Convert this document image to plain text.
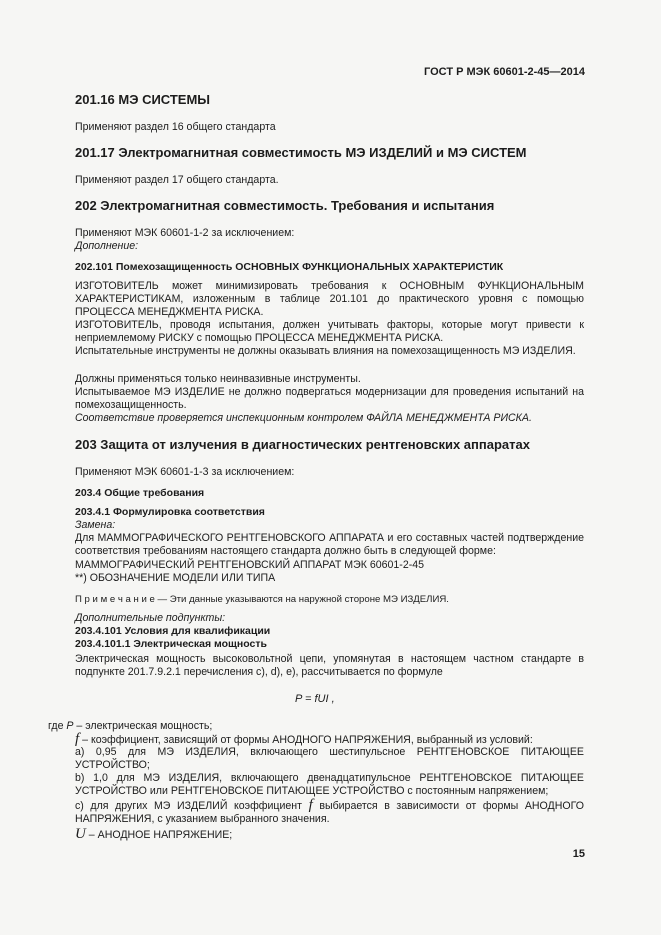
ГОСТ Р МЭК 60601-2-45—2014
201.16 МЭ СИСТЕМЫ
Применяют раздел 16 общего стандарта
201.17 Электромагнитная совместимость МЭ ИЗДЕЛИЙ и МЭ СИСТЕМ
Применяют раздел 17 общего стандарта.
202 Электромагнитная совместимость. Требования и испытания
Применяют МЭК 60601-1-2 за исключением:
Дополнение:
202.101 Помехозащищенность ОСНОВНЫХ ФУНКЦИОНАЛЬНЫХ ХАРАКТЕРИСТИК
ИЗГОТОВИТЕЛЬ может минимизировать требования к ОСНОВНЫМ ФУНКЦИОНАЛЬНЫМ ХАРАКТЕРИСТИКАМ, изложенным в таблице 201.101 до практического уровня с помощью ПРОЦЕССА МЕНЕДЖМЕНТА РИСКА.
ИЗГОТОВИТЕЛЬ, проводя испытания, должен учитывать факторы, которые могут привести к неприемлемому РИСКУ с помощью ПРОЦЕССА МЕНЕДЖМЕНТА РИСКА.
Испытательные инструменты не должны оказывать влияния на помехозащищенность МЭ ИЗДЕЛИЯ.
Должны применяться только неинвазивные инструменты.
Испытываемое МЭ ИЗДЕЛИЕ не должно подвергаться модернизации для проведения испытаний на помехозащищенность.
Соответствие проверяется инспекционным контролем ФАЙЛА МЕНЕДЖМЕНТА РИСКА.
203 Защита от излучения в диагностических рентгеновских аппаратах
Применяют МЭК 60601-1-3 за исключением:
203.4 Общие требования
203.4.1 Формулировка соответствия
Замена:
Для МАММОГРАФИЧЕСКОГО РЕНТГЕНОВСКОГО АППАРАТА и его составных частей подтверждение соответствия требованиям настоящего стандарта должно быть в следующей форме:
МАММОГРАФИЧЕСКИЙ РЕНТГЕНОВСКИЙ АППАРАТ МЭК 60601-2-45
**) ОБОЗНАЧЕНИЕ МОДЕЛИ ИЛИ ТИПА
П р и м е ч а н и е — Эти данные указываются на наружной стороне МЭ ИЗДЕЛИЯ.
Дополнительные подпункты:
203.4.101 Условия для квалификации
203.4.101.1 Электрическая мощность
Электрическая мощность высоковольтной цепи, упомянутая в настоящем частном стандарте в подпункте 201.7.9.2.1 перечисления c), d), e), рассчитывается по формуле
P = fUI ,
где P – электрическая мощность;
f – коэффициент, зависящий от формы АНОДНОГО НАПРЯЖЕНИЯ, выбранный из условий:
a) 0,95 для МЭ ИЗДЕЛИЯ, включающего шестипульсное РЕНТГЕНОВСКОЕ ПИТАЮЩЕЕ УСТРОЙСТВО;
b) 1,0 для МЭ ИЗДЕЛИЯ, включающего двенадцатипульсное РЕНТГЕНОВСКОЕ ПИТАЮЩЕЕ УСТРОЙСТВО или РЕНТГЕНОВСКОЕ ПИТАЮЩЕЕ УСТРОЙСТВО с постоянным напряжением;
c) для других МЭ ИЗДЕЛИЙ коэффициент f выбирается в зависимости от формы АНОДНОГО НАПРЯЖЕНИЯ, с указанием выбранного значения.
U – АНОДНОЕ НАПРЯЖЕНИЕ;
15
